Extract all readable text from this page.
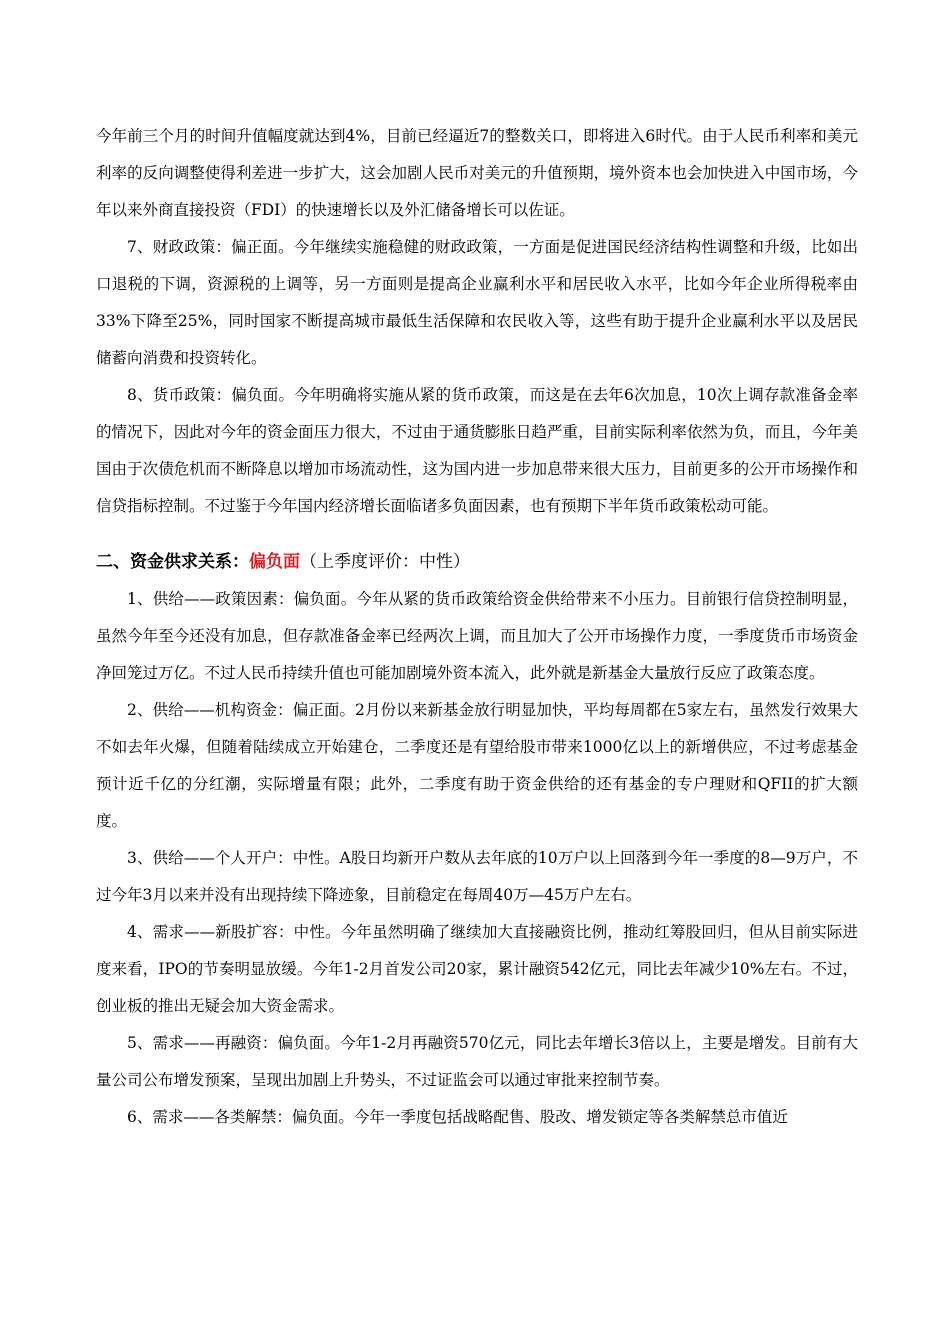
今年前三个月的时间升值幅度就达到4%，目前已经逼近7的整数关口，即将进入6时代。由于人民币利率和美元利率的反向调整使得利差进一步扩大，这会加剧人民币对美元的升值预期，境外资本也会加快进入中国市场，今年以来外商直接投资（FDI）的快速增长以及外汇储备增长可以佐证。

7、财政政策：偏正面。今年继续实施稳健的财政政策，一方面是促进国民经济结构性调整和升级，比如出口退税的下调，资源税的上调等，另一方面则是提高企业赢利水平和居民收入水平，比如今年企业所得税率由33%下降至25%，同时国家不断提高城市最低生活保障和农民收入等，这些有助于提升企业赢利水平以及居民储蓄向消费和投资转化。

8、货币政策：偏负面。今年明确将实施从紧的货币政策，而这是在去年6次加息，10次上调存款准备金率的情况下，因此对今年的资金面压力很大，不过由于通货膨胀日趋严重，目前实际利率依然为负，而且，今年美国由于次债危机而不断降息以增加市场流动性，这为国内进一步加息带来很大压力，目前更多的公开市场操作和信贷指标控制。不过鉴于今年国内经济增长面临诸多负面因素，也有预期下半年货币政策松动可能。

二、资金供求关系：偏负面（上季度评价：中性）

1、供给——政策因素：偏负面。今年从紧的货币政策给资金供给带来不小压力。目前银行信贷控制明显，虽然今年至今还没有加息，但存款准备金率已经两次上调，而且加大了公开市场操作力度，一季度货币市场资金净回笼过万亿。不过人民币持续升值也可能加剧境外资本流入，此外就是新基金大量放行反应了政策态度。

2、供给——机构资金：偏正面。2月份以来新基金放行明显加快，平均每周都在5家左右，虽然发行效果大不如去年火爆，但随着陆续成立开始建仓，二季度还是有望给股市带来1000亿以上的新增供应，不过考虑基金预计近千亿的分红潮，实际增量有限；此外，二季度有助于资金供给的还有基金的专户理财和QFII的扩大额度。

3、供给——个人开户：中性。A股日均新开户数从去年底的10万户以上回落到今年一季度的8—9万户，不过今年3月以来并没有出现持续下降迹象，目前稳定在每周40万—45万户左右。

4、需求——新股扩容：中性。今年虽然明确了继续加大直接融资比例，推动红筹股回归，但从目前实际进度来看，IPO的节奏明显放缓。今年1-2月首发公司20家，累计融资542亿元，同比去年减少10%左右。不过，创业板的推出无疑会加大资金需求。

5、需求——再融资：偏负面。今年1-2月再融资570亿元，同比去年增长3倍以上，主要是增发。目前有大量公司公布增发预案，呈现出加剧上升势头，不过证监会可以通过审批来控制节奏。

6、需求——各类解禁：偏负面。今年一季度包括战略配售、股改、增发锁定等各类解禁总市值近
